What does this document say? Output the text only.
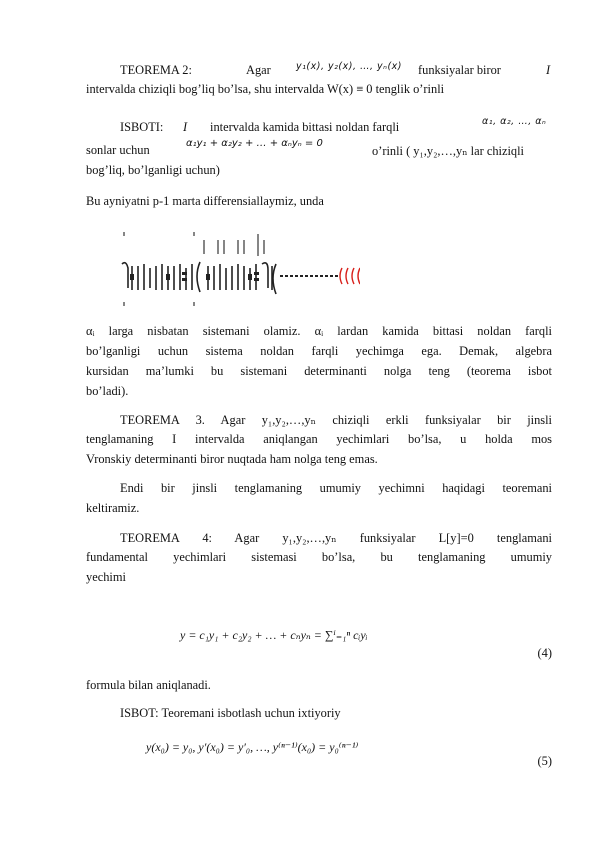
TEOREMA 2:	Agar	y₁(x), y₂(x), …, yₙ(x) funksiyalar biror	I
intervalda chiziqli bog’liq bo’lsa, shu intervalda W(x) ≡ 0 tenglik o’rinli
ISBOTI: I intervalda kamida bittasi noldan farqli	α₁, α₂, …, αₙ
sonlar uchun	α₁y₁ + α₂y₂ + … + αₙyₙ = 0
o’rinli ( y₁,y₂,…,yₙ lar chiziqli
bog’liq, bo’lganligi uchun)
Bu ayniyatni p-1 marta differensiallaymiz, unda
αᵢ larga nisbatan sistemani olamiz. αᵢ lardan kamida bittasi noldan farqli
bo’lganligi uchun sistema noldan farqli yechimga ega. Demak, algebra
kursidan ma’lumki bu sistemani determinanti nolga teng (teorema isbot
bo’ladi).
TEOREMA 3. Agar y₁,y₂,…,yₙ chiziqli erkli funksiyalar bir jinsli
tenglamaning I intervalda aniqlangan yechimlari bo’lsa, u holda mos
Vronskiy determinanti biror nuqtada ham nolga teng emas.
Endi bir jinsli tenglamaning umumiy yechimni haqidagi teoremani
keltiramiz.
TEOREMA 4: Agar y₁,y₂,…,yₙ funksiyalar L[y]=0 tenglamani
fundamental yechimlari sistemasi bo’lsa, bu tenglamaning umumiy
yechimi
y = c₁y₁ + c₂y₂ + … + cₙyₙ = ∑ⁱ₌₁ⁿ cᵢyᵢ
(4)
formula bilan aniqlanadi.
ISBOT: Teoremani isbotlash uchun ixtiyoriy
y(x₀) = y₀, y′(x₀) = y′₀, …, y⁽ⁿ⁻¹⁾(x₀) = y₀⁽ⁿ⁻¹⁾
(5)
